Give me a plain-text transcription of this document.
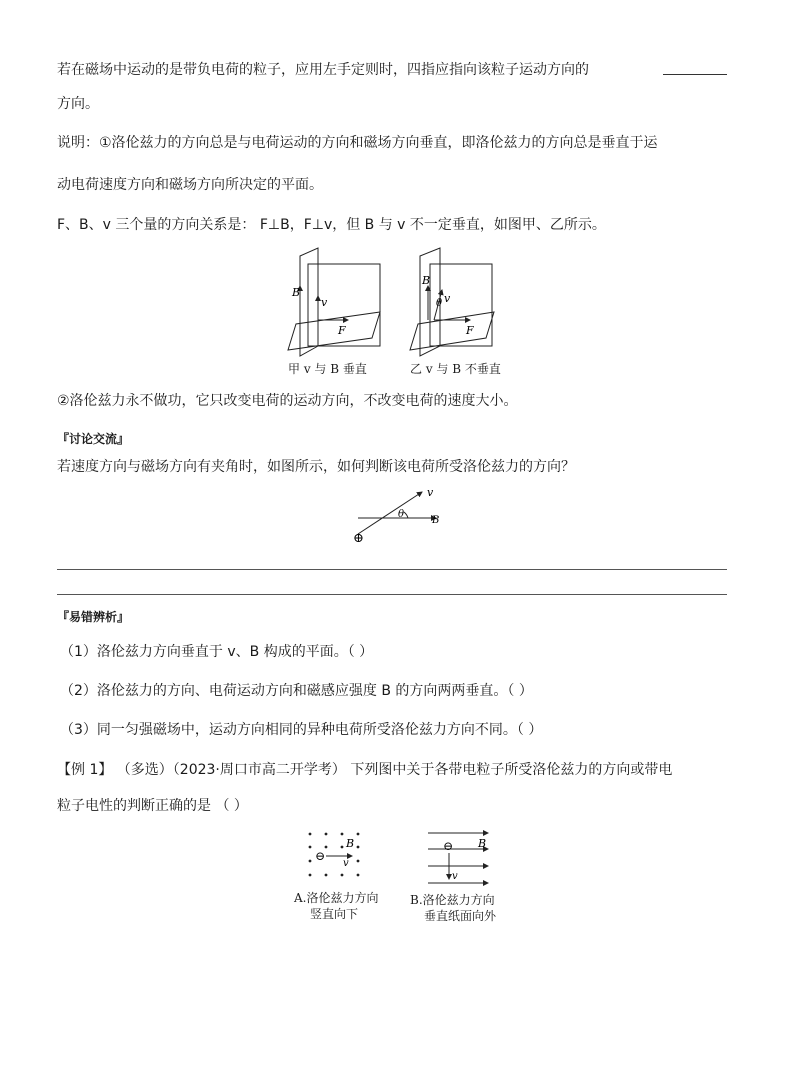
若在磁场中运动的是带负电荷的粒子，应用左手定则时，四指应指向该粒子运动方向的
方向。
说明：①洛伦兹力的方向总是与电荷运动的方向和磁场方向垂直，即洛伦兹力的方向总是垂直于运
动电荷速度方向和磁场方向所决定的平面。
F、B、v 三个量的方向关系是： F⊥B，F⊥v，但 B 与 v 不一定垂直，如图甲、乙所示。
B
v
F
B
θ v
F
甲 v 与 B 垂直	乙 v 与 B 不垂直
②洛伦兹力永不做功，它只改变电荷的运动方向，不改变电荷的速度大小。
『讨论交流』
若速度方向与磁场方向有夹角时，如图所示，如何判断该电荷所受洛伦兹力的方向？
v
θ
B
⊕
『易错辨析』
（1）洛伦兹力方向垂直于 v、B 构成的平面。（ ）
（2）洛伦兹力的方向、电荷运动方向和磁感应强度 B 的方向两两垂直。（ ）
（3）同一匀强磁场中，运动方向相同的异种电荷所受洛伦兹力方向不同。（ ）
【例 1】 （多选）（2023·周口市高二开学考） 下列图中关于各带电粒子所受洛伦兹力的方向或带电
粒子电性的判断正确的是 （ ）
⊖
B
v
⊖ B
v
A.洛伦兹力方向
竖直向下
B.洛伦兹力方向
垂直纸面向外
